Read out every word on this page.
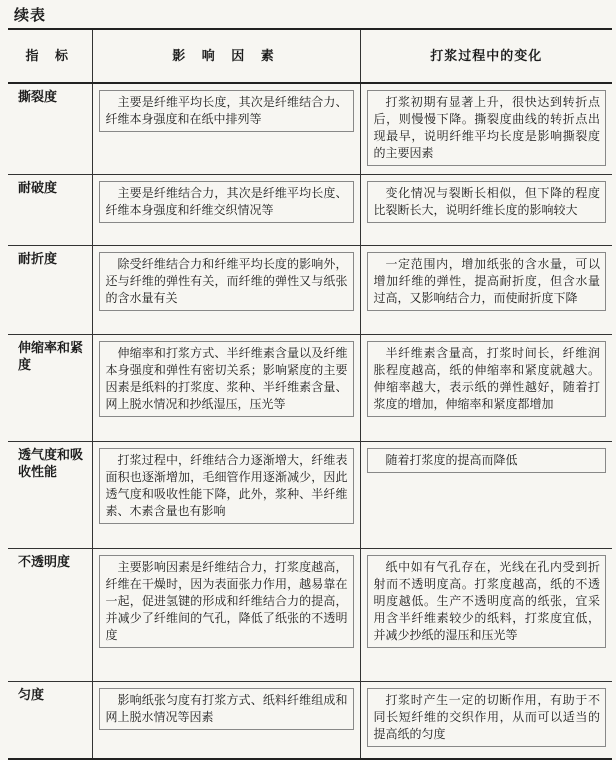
续表
指 标	影 响 因 素	打浆过程中的变化
撕裂度	主要是纤维平均长度，其次是纤维结合力、纤维本身强度和在纸中排列等	打浆初期有显著上升，很快达到转折点后，则慢慢下降。撕裂度曲线的转折点出现最早，说明纤维平均长度是影响撕裂度的主要因素

耐破度	主要是纤维结合力，其次是纤维平均长度、纤维本身强度和纤维交织情况等	变化情况与裂断长相似，但下降的程度比裂断长大，说明纤维长度的影响较大

耐折度	除受纤维结合力和纤维平均长度的影响外，还与纤维的弹性有关，而纤维的弹性又与纸张的含水量有关	一定范围内，增加纸张的含水量，可以增加纤维的弹性，提高耐折度，但含水量过高，又影响结合力，而使耐折度下降

伸缩率和紧度	伸缩率和打浆方式、半纤维素含量以及纤维本身强度和弹性有密切关系；影响紧度的主要因素是纸料的打浆度、浆种、半纤维素含量、网上脱水情况和抄纸湿压，压光等	半纤维素含量高，打浆时间长，纤维润胀程度越高，纸的伸缩率和紧度就越大。伸缩率越大，表示纸的弹性越好，随着打浆度的增加，伸缩率和紧度都增加

透气度和吸收性能	打浆过程中，纤维结合力逐渐增大，纤维表面积也逐渐增加，毛细管作用逐渐减少，因此透气度和吸收性能下降，此外，浆种、半纤维素、木素含量也有影响	随着打浆度的提高而降低

不透明度	主要影响因素是纤维结合力，打浆度越高，纤维在干燥时，因为表面张力作用，越易靠在一起，促进氢键的形成和纤维结合力的提高，并减少了纤维间的气孔，降低了纸张的不透明度	纸中如有气孔存在，光线在孔内受到折射而不透明度高。打浆度越高，纸的不透明度越低。生产不透明度高的纸张，宜采用含半纤维素较少的纸料，打浆度宜低，并减少抄纸的湿压和压光等

匀度	影响纸张匀度有打浆方式、纸料纤维组成和网上脱水情况等因素	打浆时产生一定的切断作用，有助于不同长短纤维的交织作用，从而可以适当的提高纸的匀度
